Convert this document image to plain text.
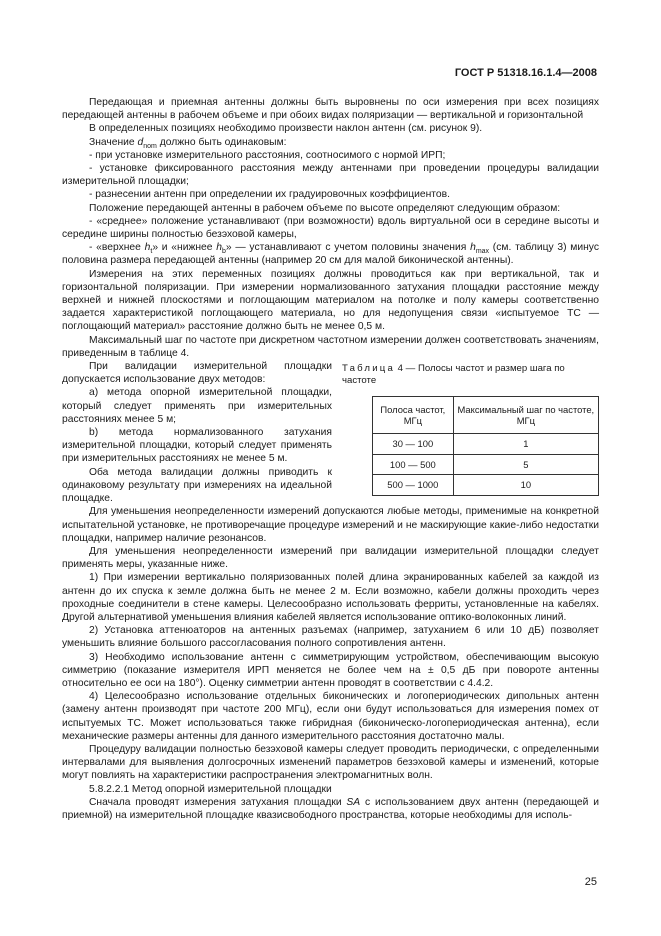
ГОСТ Р 51318.16.1.4—2008

Передающая и приемная антенны должны быть выровнены по оси измерения при всех позициях передающей антенны в рабочем объеме и при обоих видах поляризации — вертикальной и горизонтальной

В определенных позициях необходимо произвести наклон антенн (см. рисунок 9).

Значение $d_{nom}$ должно быть одинаковым:

- при установке измерительного расстояния, соотносимого с нормой ИРП;

- установке фиксированного расстояния между антеннами при проведении процедуры валидации измерительной площадки;

- разнесении антенн при определении их градуировочных коэффициентов.

Положение передающей антенны в рабочем объеме по высоте определяют следующим образом:

- «среднее» положение устанавливают (при возможности) вдоль виртуальной оси в середине высоты и середине ширины полностью безэховой камеры,

- «верхнее $h_t$» и «нижнее $h_b$» — устанавливают с учетом половины значения $h_{max}$ (см. таблицу 3) минус половина размера передающей антенны (например 20 см для малой биконической антенны).

Измерения на этих переменных позициях должны проводиться как при вертикальной, так и горизонтальной поляризации. При измерении нормализованного затухания площадки расстояние между верхней и нижней плоскостями и поглощающим материалом на потолке и полу камеры соответственно задается характеристикой поглощающего материала, но для недопущения связи «испытуемое ТС — поглощающий материал» расстояние должно быть не менее 0,5 м.

Максимальный шаг по частоте при дискретном частотном измерении должен соответствовать значениям, приведенным в таблице 4.

При валидации измерительной площадки допускается использование двух методов:

a) метода опорной измерительной площадки, который следует применять при измерительных расстояниях менее 5 м;

b) метода нормализованного затухания измерительной площадки, который следует применять при измерительных расстояниях не менее 5 м.

Оба метода валидации должны приводить к одинаковому результату при измерениях на идеальной площадке.

Таблица 4 — Полосы частот и размер шага по частоте
Полоса частот, МГц	Максимальный шаг по частоте, МГц
30 — 100	1
100 — 500	5
500 — 1000	10

Для уменьшения неопределенности измерений допускаются любые методы, применимые на конкретной испытательной установке, не противоречащие процедуре измерений и не маскирующие какие-либо недостатки площадки, например наличие резонансов.

Для уменьшения неопределенности измерений при валидации измерительной площадки следует применять меры, указанные ниже.

1) При измерении вертикально поляризованных полей длина экранированных кабелей за каждой из антенн до их спуска к земле должна быть не менее 2 м. Если возможно, кабели должны проходить через проходные соединители в стене камеры. Целесообразно использовать ферриты, установленные на кабелях. Другой альтернативой уменьшения влияния кабелей является использование оптико-волоконных линий.

2) Установка аттенюаторов на антенных разъемах (например, затуханием 6 или 10 дБ) позволяет уменьшить влияние большого рассогласования полного сопротивления антенн.

3) Необходимо использование антенн с симметрирующим устройством, обеспечивающим высокую симметрию (показание измерителя ИРП меняется не более чем на ± 0,5 дБ при повороте антенны относительно ее оси на 180°). Оценку симметрии антенн проводят в соответствии с 4.4.2.

4) Целесообразно использование отдельных биконических и логопериодических дипольных антенн (замену антенн производят при частоте 200 МГц), если они будут использоваться для измерения помех от испытуемых ТС. Может использоваться также гибридная (биконическо-логопериодическая антенна), если механические размеры антенны для данного измерительного расстояния достаточно малы.

Процедуру валидации полностью безэховой камеры следует проводить периодически, с определенными интервалами для выявления долгосрочных изменений параметров безэховой камеры и изменений, которые могут повлиять на характеристики распространения электромагнитных волн.

5.8.2.2.1 Метод опорной измерительной площадки

Сначала проводят измерения затухания площадки SA с использованием двух антенн (передающей и приемной) на измерительной площадке квазисвободного пространства, которые необходимы для исполь-

25
